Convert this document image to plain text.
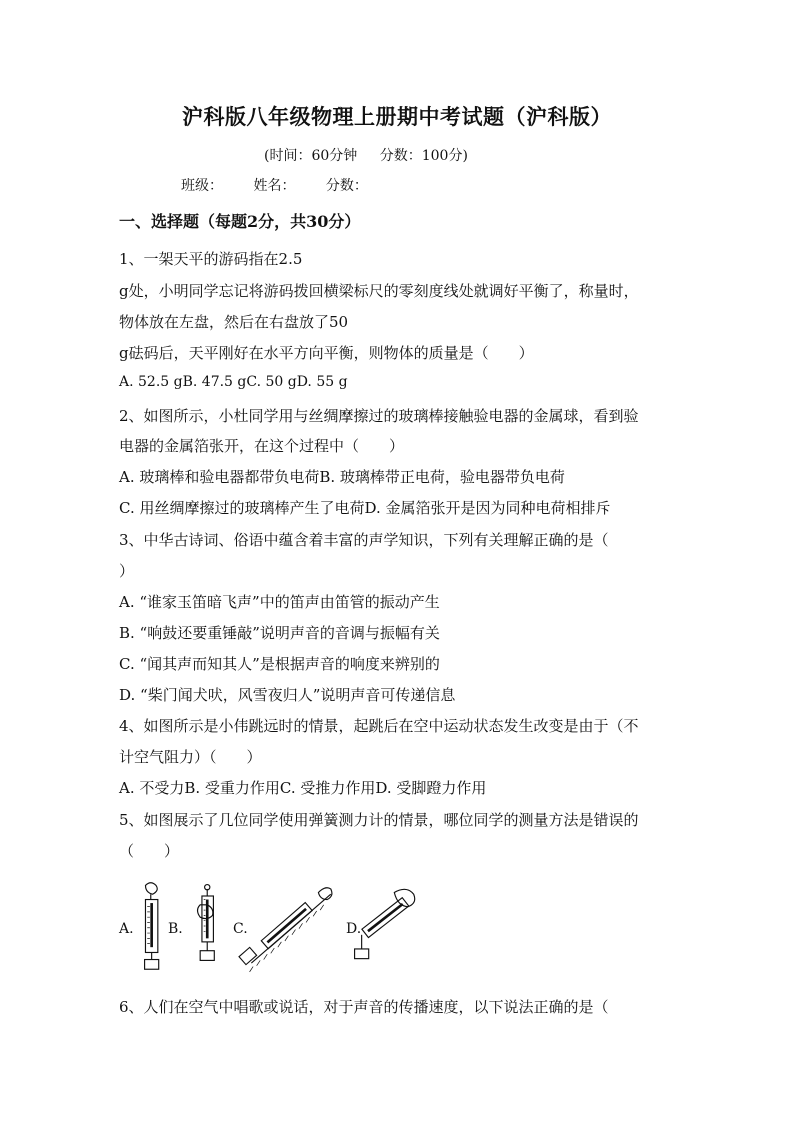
沪科版八年级物理上册期中考试题（沪科版）
(时间：60分钟 分数：100分)
班级： 姓名： 分数：
一、选择题（每题2分，共30分）
1、一架天平的游码指在2.5
g处，小明同学忘记将游码拨回横梁标尺的零刻度线处就调好平衡了，称量时，
物体放在左盘，然后在右盘放了50
g砝码后，天平刚好在水平方向平衡，则物体的质量是（　　）
A. 52.5 gB. 47.5 gC. 50 gD. 55 g
2、如图所示，小杜同学用与丝绸摩擦过的玻璃棒接触验电器的金属球，看到验
电器的金属箔张开，在这个过程中（　　）
A. 玻璃棒和验电器都带负电荷B. 玻璃棒带正电荷，验电器带负电荷
C. 用丝绸摩擦过的玻璃棒产生了电荷D. 金属箔张开是因为同种电荷相排斥
3、中华古诗词、俗语中蕴含着丰富的声学知识，下列有关理解正确的是（
）
A. “谁家玉笛暗飞声”中的笛声由笛管的振动产生
B. “响鼓还要重锤敲”说明声音的音调与振幅有关
C. “闻其声而知其人”是根据声音的响度来辨别的
D. “柴门闻犬吠，风雪夜归人”说明声音可传递信息
4、如图所示是小伟跳远时的情景，起跳后在空中运动状态发生改变是由于（不
计空气阻力）（　　）
A. 不受力B. 受重力作用C. 受推力作用D. 受脚蹬力作用
5、如图展示了几位同学使用弹簧测力计的情景，哪位同学的测量方法是错误的
（　　）
A. B.	C.	D.
6、人们在空气中唱歌或说话，对于声音的传播速度，以下说法正确的是（
